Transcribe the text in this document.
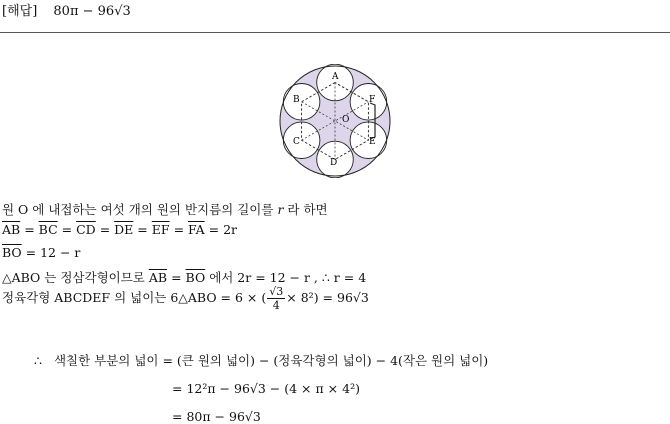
[해답] 80π − 96√3
A
B
C
D
E
F
O
원 O 에 내접하는 여섯 개의 원의 반지름의 길이를 r 라 하면
$\overline{AB} = \overline{BC} = \overline{CD} = \overline{DE} = \overline{EF} = \overline{FA} = 2r$
$\overline{BO} = 12 - r$
△ABO 는 정삼각형이므로 $\overline{AB} = \overline{BO}$ 에서 2r = 12 − r , ∴ r = 4
정육각형 ABCDEF 의 넓이는 6△ABO = 6 × ( $\frac{√3}{4} \times 8^2) = 96√3$
∴ 색칠한 부분의 넓이 = (큰 원의 넓이) − (정육각형의 넓이) − 4(작은 원의 넓이)
= 12²π − 96√3 − (4 × π × 4²)
= 80π − 96√3
